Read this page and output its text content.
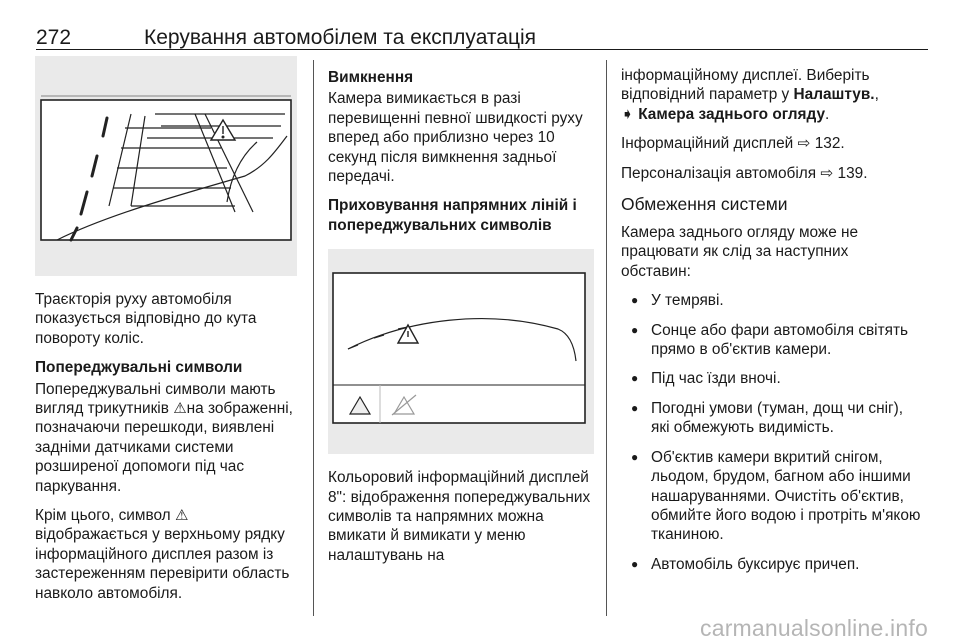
272	Керування автомобілем та експлуатація

Траєкторія руху автомобіля показується відповідно до кута повороту коліс.

Попереджувальні символи

Попереджувальні символи мають вигляд трикутників ⚠на зображенні, позначаючи перешкоди, виявлені задніми датчиками системи розширеної допомоги під час паркування.

Крім цього, символ ⚠ відображається у верхньому рядку інформаційного дисплея разом із застереженням перевірити область навколо автомобіля.

Вимкнення

Камера вимикається в разі перевищенні певної швидкості руху вперед або приблизно через 10 секунд після вимкнення задньої передачі.

Приховування напрямних ліній і попереджувальних символів

Кольоровий інформаційний дисплей 8": відображення попереджувальних символів та напрямних можна вмикати й вимикати у меню налаштувань на

інформаційному дисплеї. Виберіть відповідний параметр у Налаштув.,
➧ Камера заднього огляду.

Інформаційний дисплей ⇨ 132.

Персоналізація автомобіля ⇨ 139.

Обмеження системи

Камера заднього огляду може не працювати як слід за наступних обставин:

● У темряві.
● Сонце або фари автомобіля світять прямо в об'єктив камери.
● Під час їзди вночі.
● Погодні умови (туман, дощ чи сніг), які обмежують видимість.
● Об'єктив камери вкритий снігом, льодом, брудом, багном або іншими нашаруваннями. Очистіть об'єктив, обмийте його водою і протріть м'якою тканиною.
● Автомобіль буксирує причеп.
carmanualsonline.info
